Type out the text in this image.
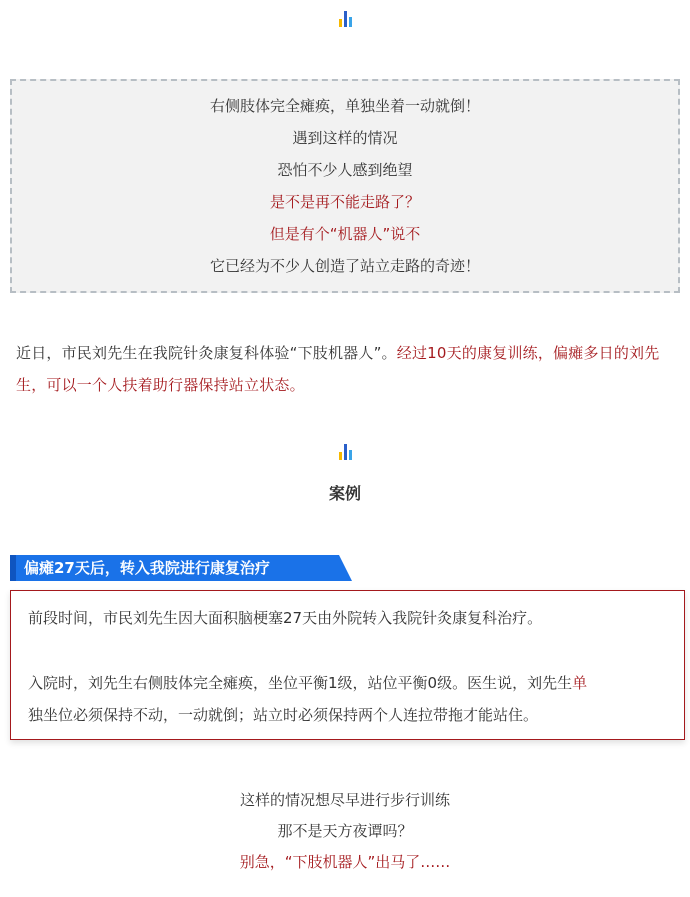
右侧肢体完全瘫痪，单独坐着一动就倒！
遇到这样的情况
恐怕不少人感到绝望
是不是再不能走路了？
但是有个“机器人”说不
它已经为不少人创造了站立走路的奇迹！
近日，市民刘先生在我院针灸康复科体验“下肢机器人”。经过10天的康复训练，偏瘫多日的刘先生，可以一个人扶着助行器保持站立状态。
案例
偏瘫27天后，转入我院进行康复治疗
前段时间，市民刘先生因大面积脑梗塞27天由外院转入我院针灸康复科治疗。
入院时，刘先生右侧肢体完全瘫痪，坐位平衡1级，站位平衡0级。医生说，刘先生单
独坐位必须保持不动，一动就倒；站立时必须保持两个人连拉带拖才能站住。
这样的情况想尽早进行步行训练
那不是天方夜谭吗？
别急，“下肢机器人”出马了……
